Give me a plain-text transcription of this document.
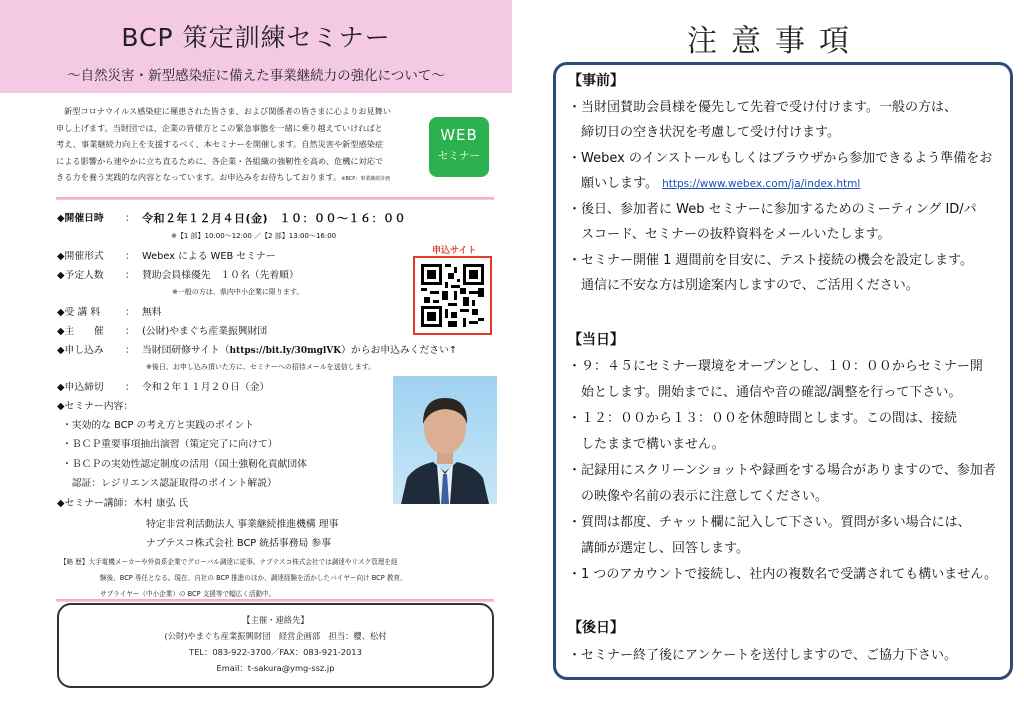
BCP 策定訓練セミナー
～自然災害・新型感染症に備えた事業継続力の強化について～
新型コロナウイルス感染症に罹患された皆さま、および関係者の皆さまに心よりお見舞い
申し上げます。当財団では、企業の皆様方とこの緊急事態を一緒に乗り越えていければと
考え、事業継続力向上を支援するべく、本セミナーを開催します。自然災害や新型感染症
による影響から速やかに立ち直るために、各企業・各組織の強靭性を高め、危機に対応で
きる力を養う実践的な内容となっています。お申込みをお待ちしております。※BCP：事業継続計画
WEB
セミナー
◆開催日時 ： 令和２年１２月４日(金)　１０：００～１６：００
※【1 部】10:00～12:00 ／【2 部】13:00～16:00
◆開催形式 ： Webex による WEB セミナー
◆予定人数 ： 賛助会員様優先　１０名（先着順）
※一般の方は、県内中小企業に限ります。
◆受 講 料	： 無料
◆主　　催 ： (公財)やまぐち産業振興財団
◆申し込み ： 当財団研修サイト（https://bit.ly/30mglVK）からお申込みください↑
※後日、お申し込み頂いた方に、セミナーへの招待メールを送信します。
申込サイト
◆申込締切 ： 令和２年１１月２０日（金）
◆セミナー内容：
・実効的な BCP の考え方と実践のポイント
・ＢＣＰ重要事項抽出演習（策定完了に向けて）
・ＢＣＰの実効性認定制度の活用（国土強靭化貢献団体
　認証：レジリエンス認証取得のポイント解説）
◆セミナー講師：木村 康弘 氏
特定非営利活動法人 事業継続推進機構 理事
ナブテスコ株式会社 BCP 統括事務局 参事
【略 歴】大手電機メーカーや外資系企業でグローバル調達に従事。ナブテスコ株式会社では調達やリスク管理を経
験後、BCP 専任となる。現在、自社の BCP 推進のほか、調達経験を活かしたバイヤー向け BCP 教育、
サプライヤー（中小企業）の BCP 支援等で幅広く活動中。
【主催・連絡先】
(公財)やまぐち産業振興財団　経営企画部　担当：櫻、松村
TEL：083-922-3700／FAX：083-921-2013
Email：t-sakura@ymg-ssz.jp
注意事項
【事前】
・当財団賛助会員様を優先して先着で受け付けます。一般の方は、
　締切日の空き状況を考慮して受け付けます。
・Webex のインストールもしくはブラウザから参加できるよう準備をお
　願いします。 https://www.webex.com/ja/index.html
・後日、参加者に Web セミナーに参加するためのミーティング ID/パ
　スコード、セミナーの抜粋資料をメールいたします。
・セミナー開催 1 週間前を目安に、テスト接続の機会を設定します。
　通信に不安な方は別途案内しますので、ご活用ください。
【当日】
・９：４５にセミナー環境をオープンとし、１０：００からセミナー開
　始とします。開始までに、通信や音の確認/調整を行って下さい。
・１２：００から１３：００を休憩時間とします。この間は、接続
　したままで構いません。
・記録用にスクリーンショットや録画をする場合がありますので、参加者
　の映像や名前の表示に注意してください。
・質問は都度、チャット欄に記入して下さい。質問が多い場合には、
　講師が選定し、回答します。
・1 つのアカウントで接続し、社内の複数名で受講されても構いません。
【後日】
・セミナー終了後にアンケートを送付しますので、ご協力下さい。
